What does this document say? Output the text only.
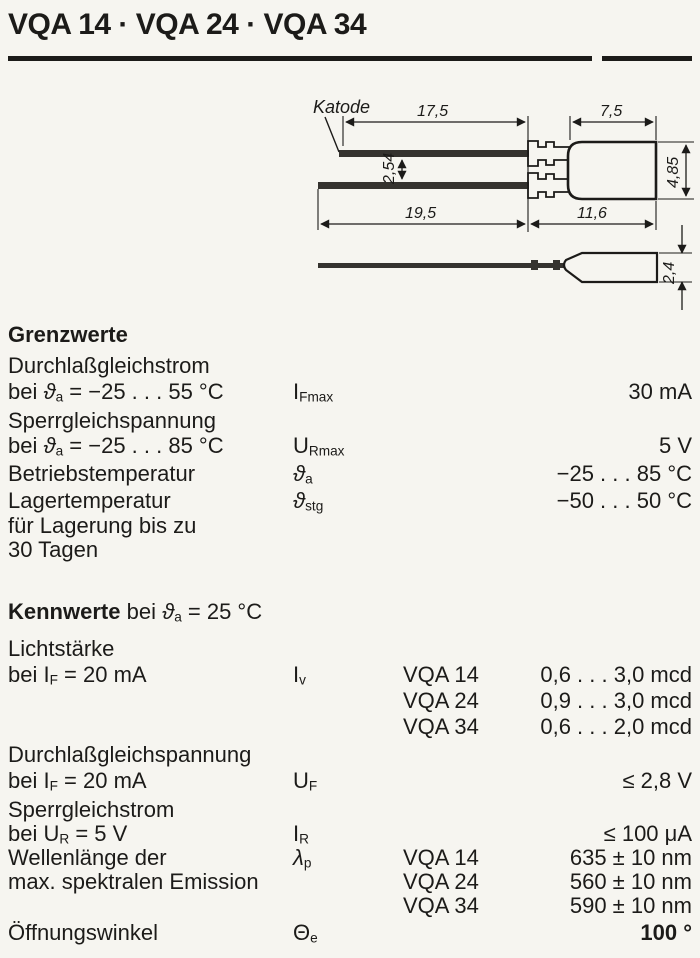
VQA 14 · VQA 24 · VQA 34
Katode	17,5	7,5
4,85
2,54
19,5	11,6
2,4
Grenzwerte
Durchlaßgleichstrom
bei ϑa = −25 . . . 55 °C	IFmax	30 mA
Sperrgleichspannung
bei ϑa = −25 . . . 85 °C	URmax	5 V
Betriebstemperatur	ϑa	−25 . . . 85 °C
Lagertemperatur	ϑstg	−50 . . . 50 °C
für Lagerung bis zu
30 Tagen
Kennwerte bei ϑa = 25 °C
Lichtstärke
bei IF = 20 mA	Iv	VQA 14	0,6 . . . 3,0 mcd
VQA 24	0,9 . . . 3,0 mcd
VQA 34	0,6 . . . 2,0 mcd
Durchlaßgleichspannung
bei IF = 20 mA	UF	≤ 2,8 V
Sperrgleichstrom
bei UR = 5 V	IR	≤ 100 μA
Wellenlänge der
max. spektralen Emission
λp	VQA 14	635 ± 10 nm
VQA 24	560 ± 10 nm
VQA 34	590 ± 10 nm
Öffnungswinkel	Θe	100 °
